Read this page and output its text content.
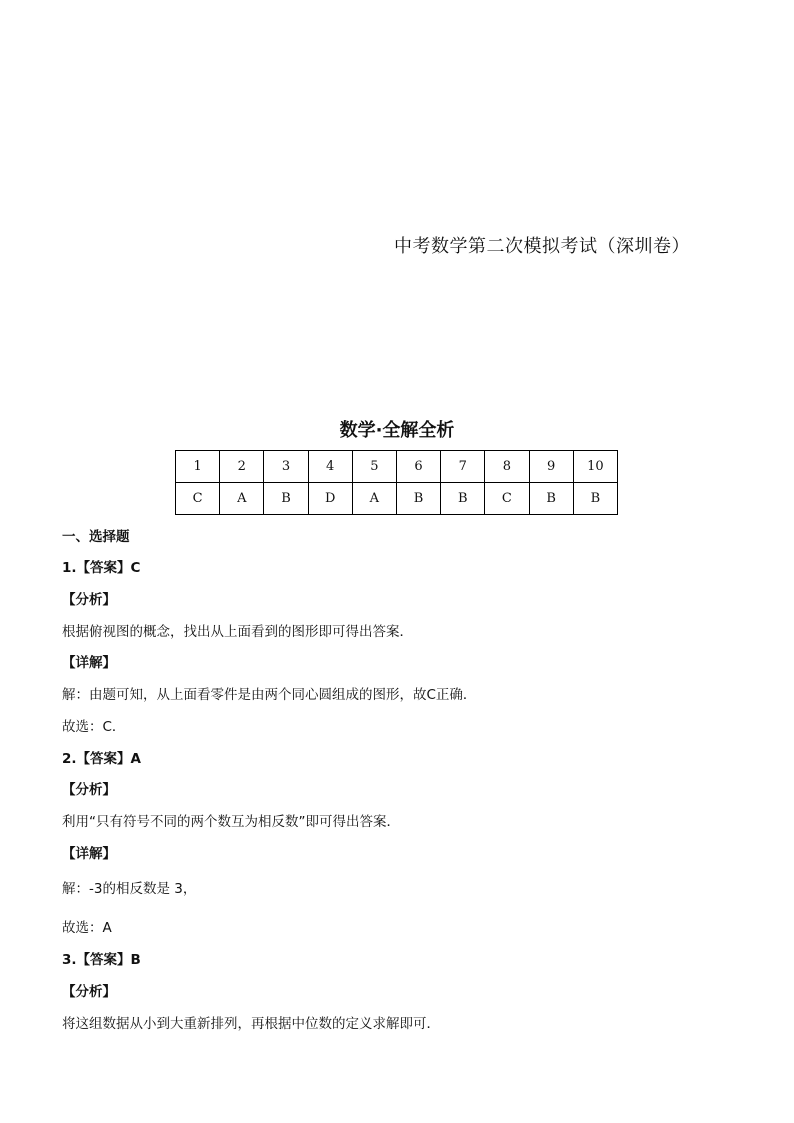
中考数学第二次模拟考试（深圳卷）
数学·全解全析
1	2	3	4	5	6	7	8	9	10
C	A	B	D	A	B	B	C	B	B
一、选择题
1.【答案】C
【分析】
根据俯视图的概念，找出从上面看到的图形即可得出答案．
【详解】
解：由题可知，从上面看零件是由两个同心圆组成的图形，故C正确．
故选：C．
2.【答案】A
【分析】
利用“只有符号不同的两个数互为相反数”即可得出答案．
【详解】
解：-3的相反数是 3，
故选：A
3.【答案】B
【分析】
将这组数据从小到大重新排列，再根据中位数的定义求解即可．
